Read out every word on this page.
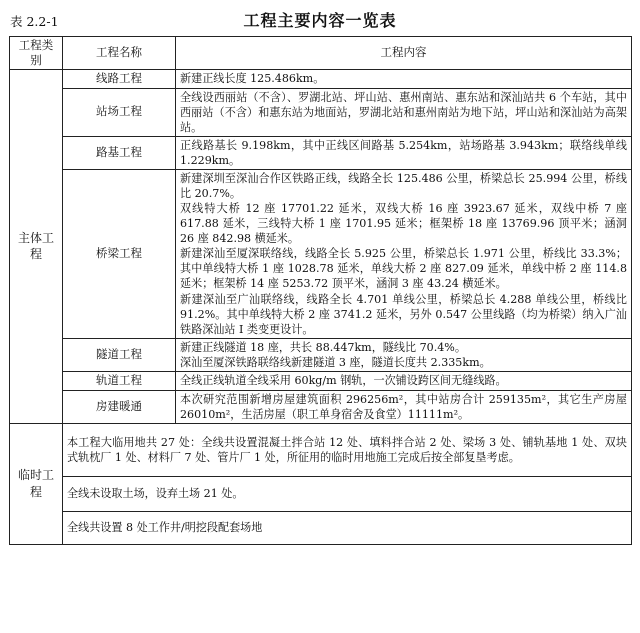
表 2.2-1	工程主要内容一览表
工程类别	工程名称	工程内容
主体工程	线路工程	新建正线长度 125.486km。

	站场工程	全线设西丽站（不含）、罗湖北站、坪山站、惠州南站、惠东站和深汕站共 6 个车站，其中西丽站（不含）和惠东站为地面站，罗湖北站和惠州南站为地下站，坪山站和深汕站为高架站。

	路基工程	正线路基长 9.198km，其中正线区间路基 5.254km，站场路基 3.943km；联络线单线 1.229km。

	桥梁工程	新建深圳至深汕合作区铁路正线，线路全长 125.486 公里，桥梁总长 25.994 公里，桥线比 20.7%。

双线特大桥 12 座 17701.22 延米，双线大桥 16 座 3923.67 延米，双线中桥 7 座 617.88 延米，三线特大桥 1 座 1701.95 延米；框架桥 18 座 13769.96 顶平米；涵洞 26 座 842.98 横延米。

新建深汕至厦深联络线，线路全长 5.925 公里，桥梁总长 1.971 公里，桥线比 33.3%；其中单线特大桥 1 座 1028.78 延米，单线大桥 2 座 827.09 延米，单线中桥 2 座 114.8 延米；框架桥 14 座 5253.72 顶平米，涵洞 3 座 43.24 横延米。

新建深汕至广汕联络线，线路全长 4.701 单线公里，桥梁总长 4.288 单线公里，桥线比 91.2%。其中单线特大桥 2 座 3741.2 延米，另外 0.547 公里线路（均为桥梁）纳入广汕铁路深汕站 I 类变更设计。

	隧道工程	新建正线隧道 18 座，共长 88.447km，隧线比 70.4%。

深汕至厦深铁路联络线新建隧道 3 座，隧道长度共 2.335km。

	轨道工程	全线正线轨道全线采用 60kg/m 钢轨，一次铺设跨区间无缝线路。

	房建暖通	本次研究范围新增房屋建筑面积 296256m²，其中站房合计 259135m²，其它生产房屋 26010m²，生活房屋（职工单身宿舍及食堂）11111m²。

临时工程	本工程大临用地共 27 处：全线共设置混凝土拌合站 12 处、填料拌合站 2 处、梁场 3 处、铺轨基地 1 处、双块式轨枕厂 1 处、材料厂 7 处、管片厂 1 处，所征用的临时用地施工完成后按全部复垦考虑。	
	全线未设取土场，设弃土场 21 处。	
	全线共设置 8 处工作井/明挖段配套场地	
